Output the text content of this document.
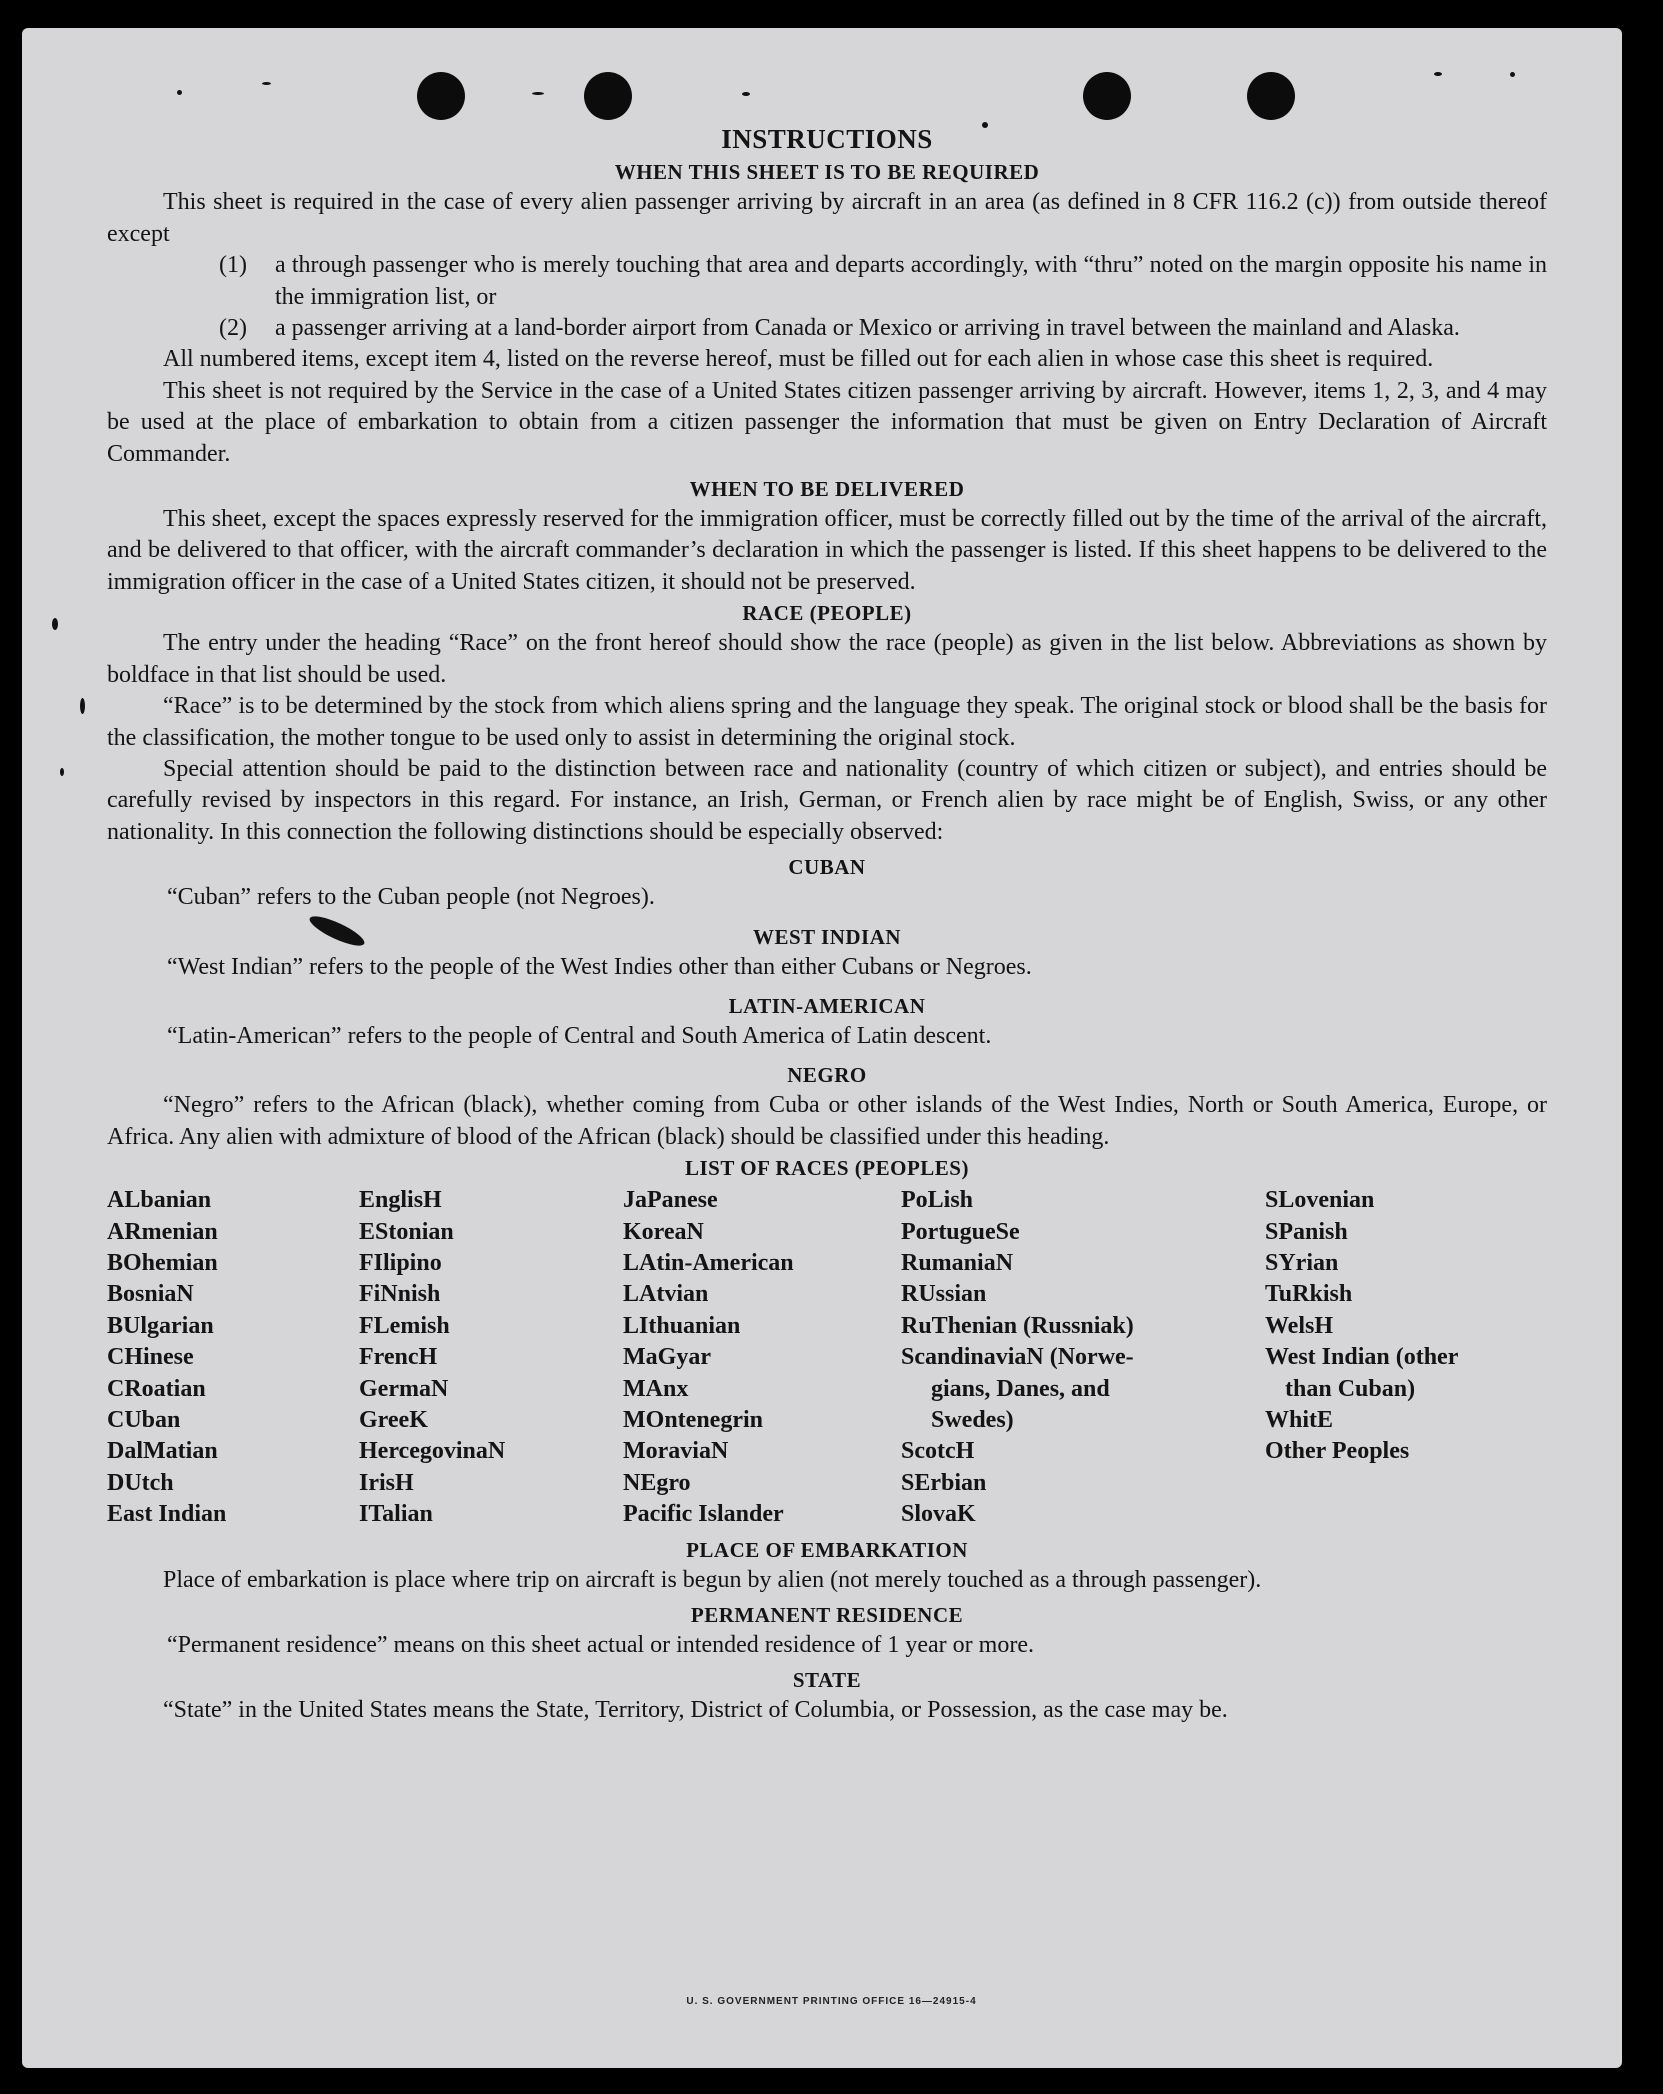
INSTRUCTIONS
WHEN THIS SHEET IS TO BE REQUIRED

This sheet is required in the case of every alien passenger arriving by aircraft in an area (as defined in 8 CFR 116.2 (c)) from outside thereof except

(1)	a through passenger who is merely touching that area and departs accordingly, with “thru” noted on the margin opposite his name in the immigration list, or
(2)	a passenger arriving at a land-border airport from Canada or Mexico or arriving in travel between the mainland and Alaska.

All numbered items, except item 4, listed on the reverse hereof, must be filled out for each alien in whose case this sheet is required.

This sheet is not required by the Service in the case of a United States citizen passenger arriving by aircraft. However, items 1, 2, 3, and 4 may be used at the place of embarkation to obtain from a citizen passenger the information that must be given on Entry Declaration of Aircraft Commander.

WHEN TO BE DELIVERED

This sheet, except the spaces expressly reserved for the immigration officer, must be correctly filled out by the time of the arrival of the aircraft, and be delivered to that officer, with the aircraft commander’s declaration in which the passenger is listed. If this sheet happens to be delivered to the immigration officer in the case of a United States citizen, it should not be preserved.

RACE (PEOPLE)

The entry under the heading “Race” on the front hereof should show the race (people) as given in the list below. Abbreviations as shown by boldface in that list should be used.

“Race” is to be determined by the stock from which aliens spring and the language they speak. The original stock or blood shall be the basis for the classification, the mother tongue to be used only to assist in determining the original stock.

Special attention should be paid to the distinction between race and nationality (country of which citizen or subject), and entries should be carefully revised by inspectors in this regard. For instance, an Irish, German, or French alien by race might be of English, Swiss, or any other nationality. In this connection the following distinctions should be especially observed:

CUBAN

“Cuban” refers to the Cuban people (not Negroes).

WEST INDIAN

“West Indian” refers to the people of the West Indies other than either Cubans or Negroes.

LATIN-AMERICAN

“Latin-American” refers to the people of Central and South America of Latin descent.

NEGRO

“Negro” refers to the African (black), whether coming from Cuba or other islands of the West Indies, North or South America, Europe, or Africa. Any alien with admixture of blood of the African (black) should be classified under this heading.

LIST OF RACES (PEOPLES)
ALbanian
ARmenian
BOhemian
BosniaN
BUlgarian
CHinese
CRoatian
CUban
DalMatian
DUtch
East Indian
EnglisH
EStonian
FIlipino
FiNnish
FLemish
FrencH
GermaN
GreeK
HercegovinaN
IrisH
ITalian
JaPanese
KoreaN
LAtin-American
LAtvian
LIthuanian
MaGyar
MAnx
MOntenegrin
MoraviaN
NEgro
Pacific Islander
PoLish
PortugueSe
RumaniaN
RUssian
RuThenian (Russniak)
ScandinaviaN (Norwe-
gians, Danes, and
Swedes)
ScotcH
SErbian
SlovaK
SLovenian
SPanish
SYrian
TuRkish
WelsH
West Indian (other
than Cuban)
WhitE
Other Peoples
PLACE OF EMBARKATION

Place of embarkation is place where trip on aircraft is begun by alien (not merely touched as a through passenger).

PERMANENT RESIDENCE

“Permanent residence” means on this sheet actual or intended residence of 1 year or more.

STATE

“State” in the United States means the State, Territory, District of Columbia, or Possession, as the case may be.

U. S. GOVERNMENT PRINTING OFFICE 16—24915-4
